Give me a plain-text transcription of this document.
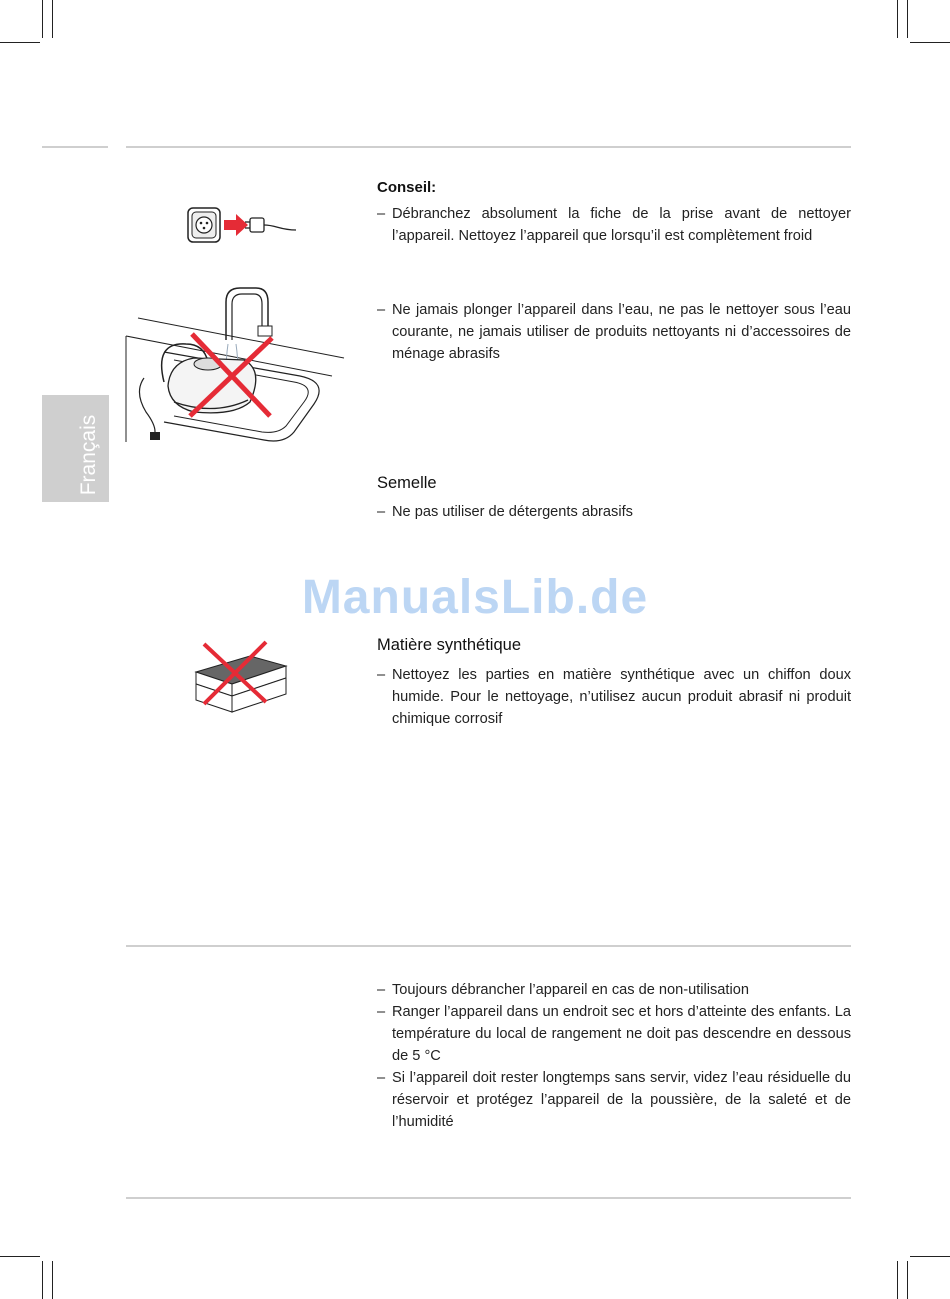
Français
ManualsLib.de
Conseil:
– Débranchez absolument la fiche de la prise avant de nettoyer l’appareil. Nettoyez l’appareil que lorsqu’il est complètement froid
– Ne jamais plonger l’appareil dans l’eau, ne pas le nettoyer sous l’eau courante, ne jamais utiliser de produits nettoyants ni d’accessoires de ménage abrasifs
Semelle
– Ne pas utiliser de détergents abrasifs
Matière synthétique
– Nettoyez les parties en matière synthétique avec un chiffon doux humide. Pour le nettoyage, n’utilisez aucun produit abrasif ni produit chimique corrosif
– Toujours débrancher l’appareil en cas de non-utilisation
– Ranger l’appareil dans un endroit sec et hors d’atteinte des enfants. La température du local de rangement ne doit pas descendre en dessous de 5 °C
– Si l’appareil doit rester longtemps sans servir, videz l’eau résiduelle du réservoir et protégez l’appareil de la poussière, de la saleté et de l’humidité
